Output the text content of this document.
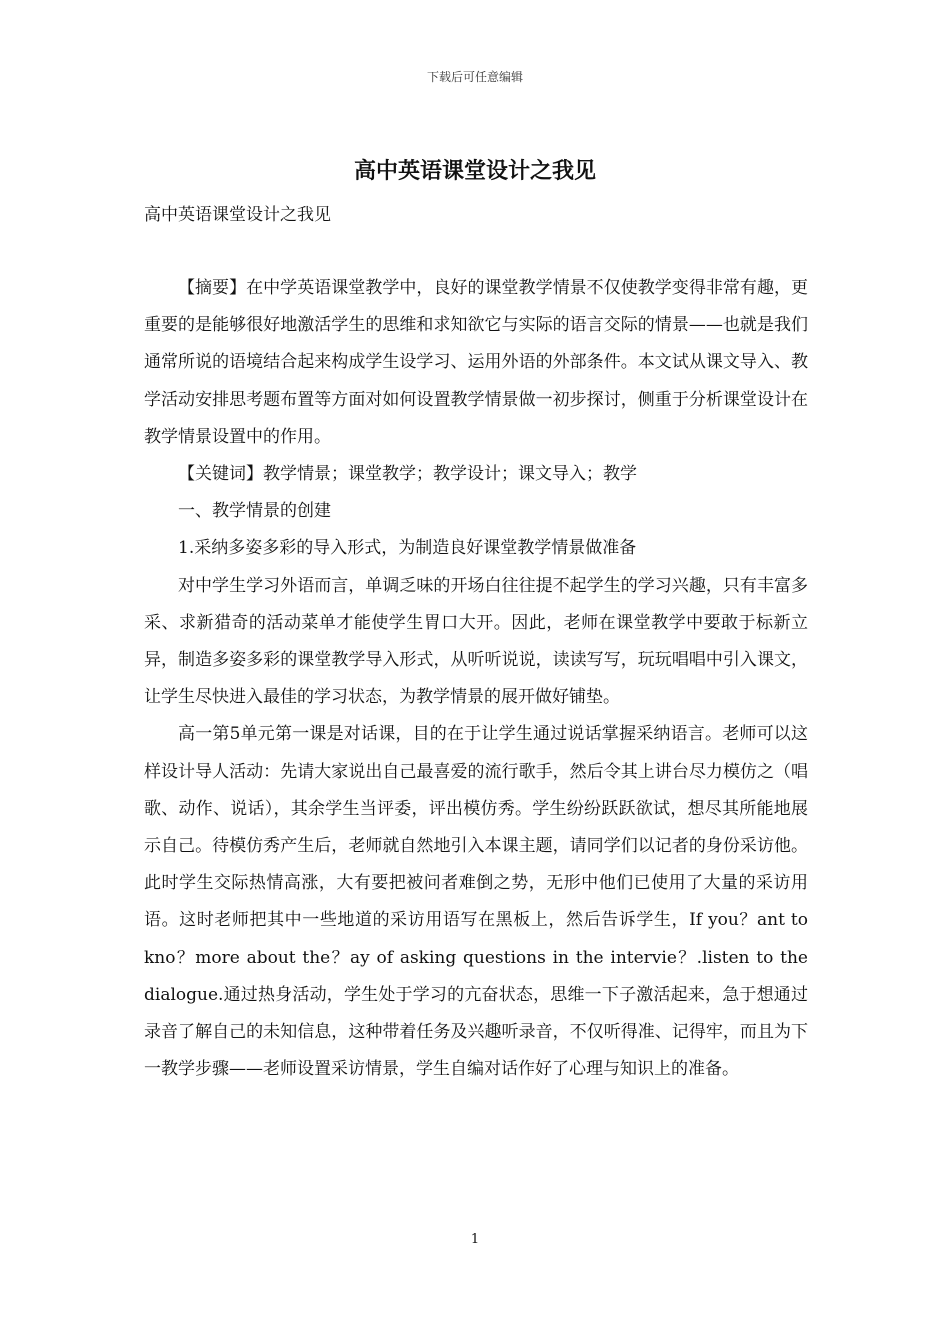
下载后可任意编辑
高中英语课堂设计之我见
高中英语课堂设计之我见

【摘要】在中学英语课堂教学中，良好的课堂教学情景不仅使教学变得非常有趣，更重要的是能够很好地激活学生的思维和求知欲它与实际的语言交际的情景——也就是我们通常所说的语境结合起来构成学生设学习、运用外语的外部条件。本文试从课文导入、教学活动安排思考题布置等方面对如何设置教学情景做一初步探讨，侧重于分析课堂设计在教学情景设置中的作用。

【关键词】教学情景；课堂教学；教学设计；课文导入；教学

一、教学情景的创建

1.采纳多姿多彩的导入形式，为制造良好课堂教学情景做准备

对中学生学习外语而言，单调乏味的开场白往往提不起学生的学习兴趣，只有丰富多采、求新猎奇的活动菜单才能使学生胃口大开。因此，老师在课堂教学中要敢于标新立异，制造多姿多彩的课堂教学导入形式，从听听说说，读读写写，玩玩唱唱中引入课文，让学生尽快进入最佳的学习状态，为教学情景的展开做好铺垫。

高一第5单元第一课是对话课，目的在于让学生通过说话掌握采纳语言。老师可以这样设计导人活动：先请大家说出自己最喜爱的流行歌手，然后令其上讲台尽力模仿之（唱歌、动作、说话），其余学生当评委，评出模仿秀。学生纷纷跃跃欲试，想尽其所能地展示自己。待模仿秀产生后，老师就自然地引入本课主题，请同学们以记者的身份采访他。此时学生交际热情高涨，大有要把被问者难倒之势，无形中他们已使用了大量的采访用语。这时老师把其中一些地道的采访用语写在黑板上，然后告诉学生，If you？ant to kno？more about the？ay of asking questions in the intervie？.listen to the dialogue.通过热身活动，学生处于学习的亢奋状态，思维一下子激活起来，急于想通过录音了解自己的未知信息，这种带着任务及兴趣听录音，不仅听得准、记得牢，而且为下一教学步骤——老师设置采访情景，学生自编对话作好了心理与知识上的准备。

1
